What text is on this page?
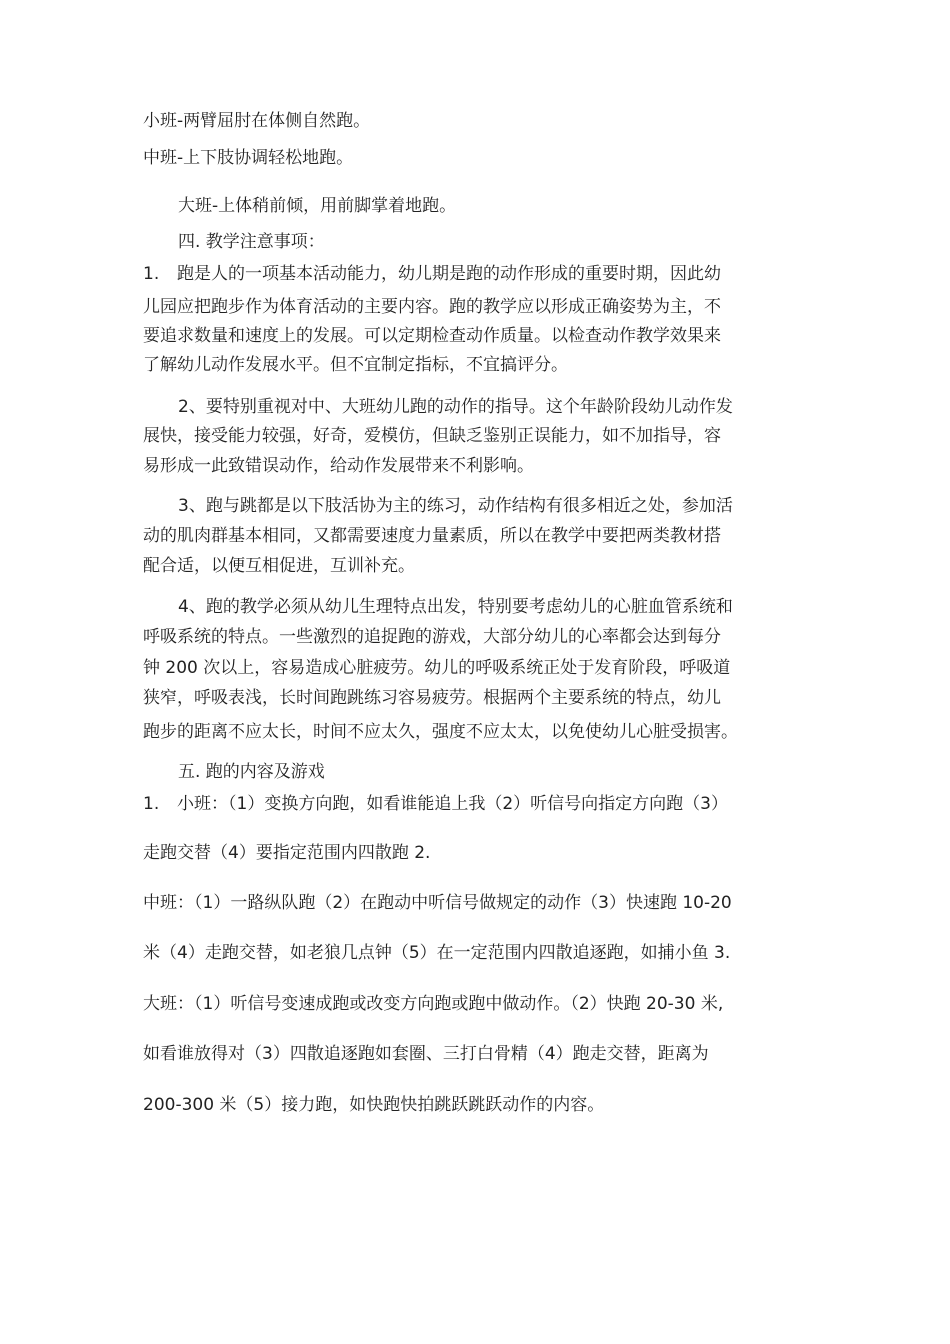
小班-两臂屈肘在体侧自然跑。

中班-上下肢协调轻松地跑。

大班-上体稍前倾，用前脚掌着地跑。

四. 教学注意事项：

1. 跑是人的一项基本活动能力，幼儿期是跑的动作形成的重要时期，因此幼

儿园应把跑步作为体育活动的主要内容。跑的教学应以形成正确姿势为主，不

要追求数量和速度上的发展。可以定期检查动作质量。以检查动作教学效果来

了解幼儿动作发展水平。但不宜制定指标，不宜搞评分。

2、要特别重视对中、大班幼儿跑的动作的指导。这个年龄阶段幼儿动作发

展快，接受能力较强，好奇，爱模仿，但缺乏鉴别正误能力，如不加指导，容

易形成一此致错误动作，给动作发展带来不利影响。

3、跑与跳都是以下肢活协为主的练习，动作结构有很多相近之处，参加活

动的肌肉群基本相同，又都需要速度力量素质，所以在教学中要把两类教材搭

配合适，以便互相促进，互训补充。

4、跑的教学必须从幼儿生理特点出发，特别要考虑幼儿的心脏血管系统和

呼吸系统的特点。一些激烈的追捉跑的游戏，大部分幼儿的心率都会达到每分

钟 200 次以上，容易造成心脏疲劳。幼儿的呼吸系统正处于发育阶段，呼吸道

狭窄，呼吸表浅，长时间跑跳练习容易疲劳。根据两个主要系统的特点，幼儿

跑步的距离不应太长，时间不应太久，强度不应太太，以免使幼儿心脏受损害。

五. 跑的内容及游戏

1. 小班：（1）变换方向跑，如看谁能追上我（2）听信号向指定方向跑（3）

走跑交替（4）要指定范围内四散跑 2.

中班：（1）一路纵队跑（2）在跑动中听信号做规定的动作（3）快速跑 10-20

米（4）走跑交替，如老狼几点钟（5）在一定范围内四散追逐跑，如捕小鱼 3.

大班：（1）听信号变速成跑或改变方向跑或跑中做动作。（2）快跑 20-30 米,

如看谁放得对（3）四散追逐跑如套圈、三打白骨精（4）跑走交替，距离为

200-300 米（5）接力跑，如快跑快拍跳跃跳跃动作的内容。
